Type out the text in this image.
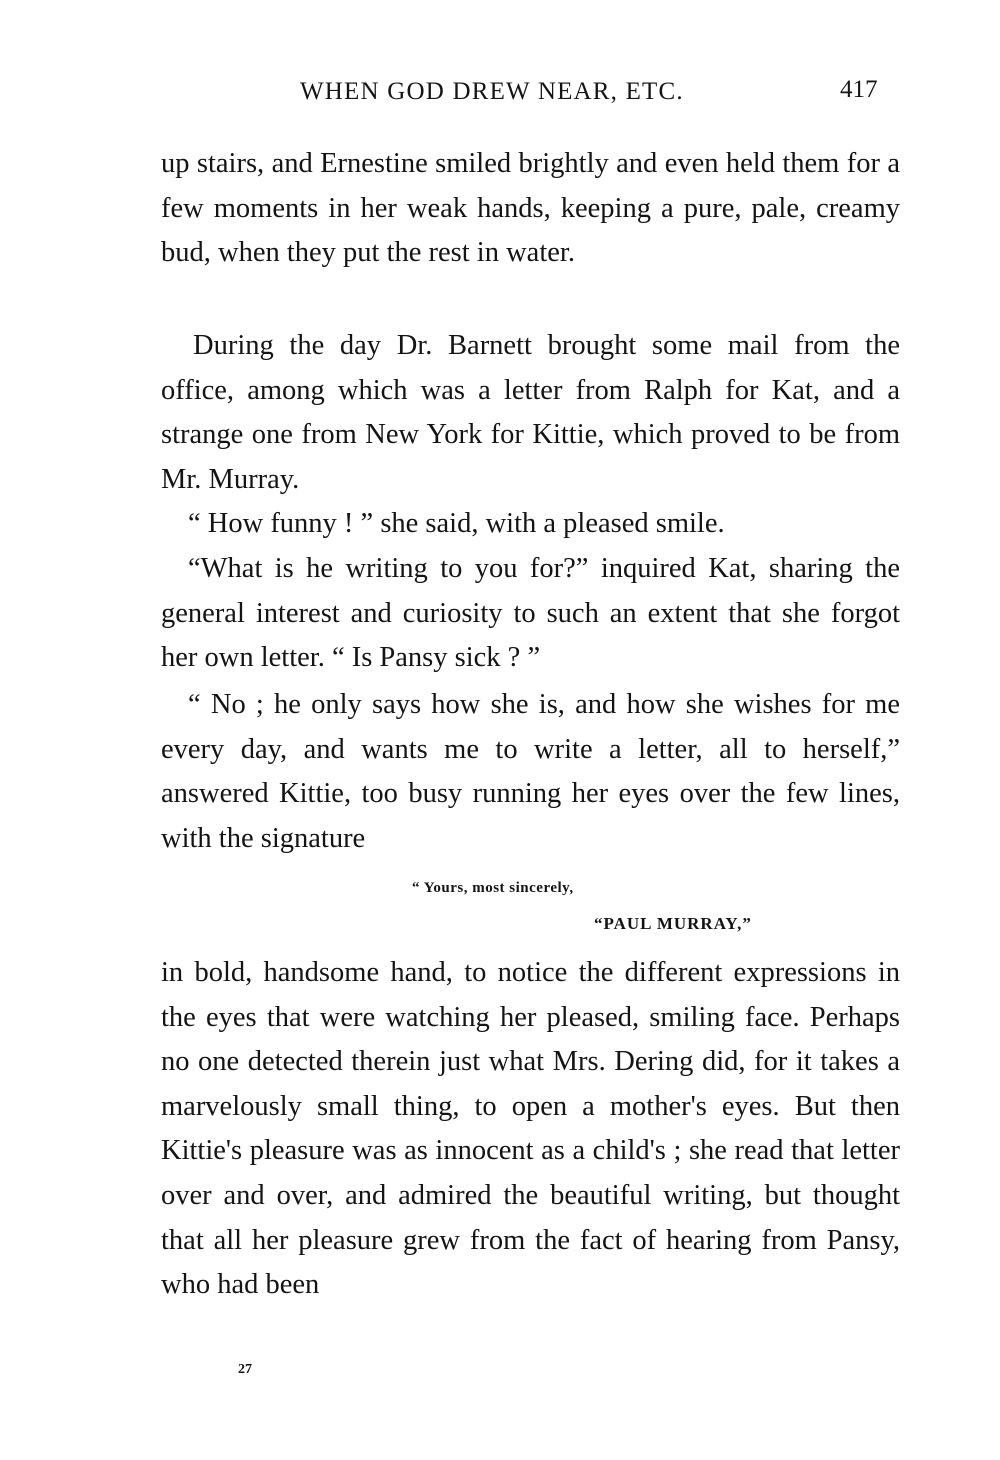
WHEN GOD DREW NEAR, ETC.	417

up stairs, and Ernestine smiled brightly and even held them for a few moments in her weak hands, keeping a pure, pale, creamy bud, when they put the rest in water.

During the day Dr. Barnett brought some mail from the office, among which was a letter from Ralph for Kat, and a strange one from New York for Kittie, which proved to be from Mr. Murray.

“ How funny ! ” she said, with a pleased smile.

“What is he writing to you for?” inquired Kat, sharing the general interest and curiosity to such an extent that she forgot her own letter. “ Is Pansy sick ? ”

“ No ; he only says how she is, and how she wishes for me every day, and wants me to write a letter, all to herself,” answered Kittie, too busy running her eyes over the few lines, with the signature

“ Yours, most sincerely,
“PAUL MURRAY,”

in bold, handsome hand, to notice the different expressions in the eyes that were watching her pleased, smiling face. Perhaps no one detected therein just what Mrs. Dering did, for it takes a marvelously small thing, to open a mother's eyes. But then Kittie's pleasure was as innocent as a child's ; she read that letter over and over, and admired the beautiful writing, but thought that all her pleasure grew from the fact of hearing from Pansy, who had been

27
